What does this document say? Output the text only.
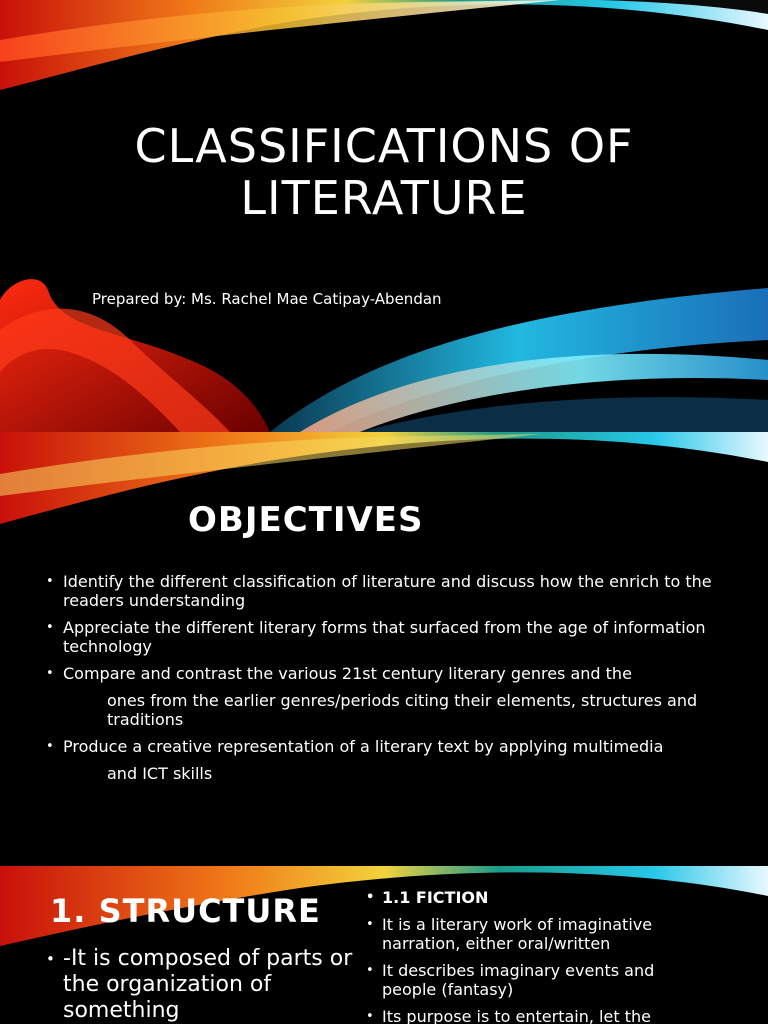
CLASSIFICATIONS OF
LITERATURE
Prepared by: Ms. Rachel Mae Catipay-Abendan
OBJECTIVES
• Identify the different classification of literature and discuss how the enrich to the readers understanding
• Appreciate the different literary forms that surfaced from the age of information technology
• Compare and contrast the various 21st century literary genres and the
ones from the earlier genres/periods citing their elements, structures and traditions
• Produce a creative representation of a literary text by applying multimedia
and ICT skills
1. STRUCTURE
• -It is composed of parts or the organization of something
• 1.1 FICTION
• It is a literary work of imaginative narration, either oral/written
• It describes imaginary events and people (fantasy)
• Its purpose is to entertain, let the
